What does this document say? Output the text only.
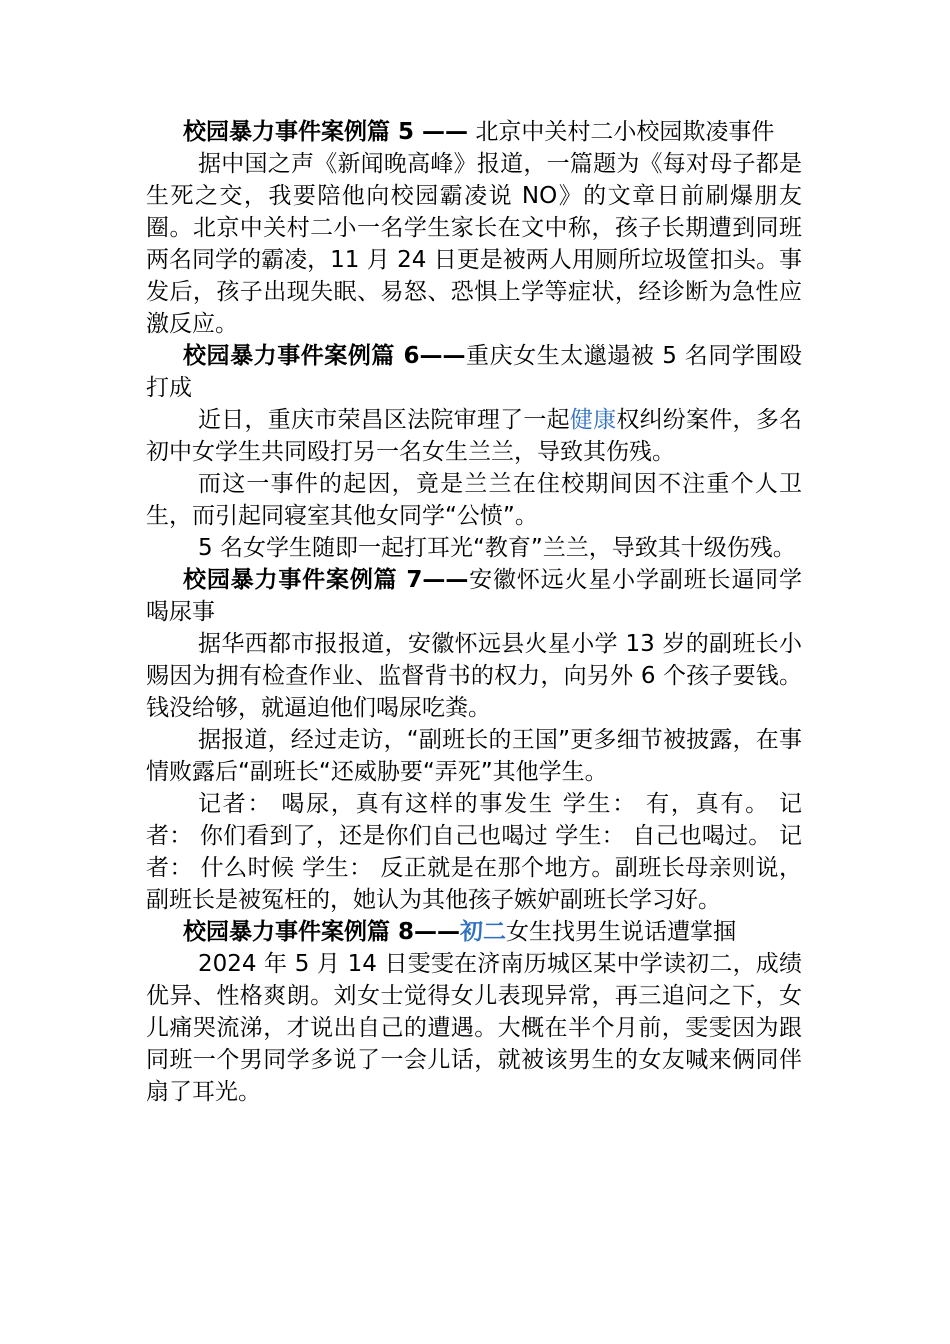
校园暴力事件案例篇 5 —— 北京中关村二小校园欺凌事件

据中国之声《新闻晚高峰》报道，一篇题为《每对母子都是生死之交，我要陪他向校园霸凌说 NO》的文章日前刷爆朋友圈。北京中关村二小一名学生家长在文中称，孩子长期遭到同班两名同学的霸凌，11 月 24 日更是被两人用厕所垃圾筐扣头。事发后，孩子出现失眠、易怒、恐惧上学等症状，经诊断为急性应激反应。

校园暴力事件案例篇 6——重庆女生太邋遢被 5 名同学围殴打成

近日，重庆市荣昌区法院审理了一起健康权纠纷案件，多名初中女学生共同殴打另一名女生兰兰，导致其伤残。

而这一事件的起因，竟是兰兰在住校期间因不注重个人卫生，而引起同寝室其他女同学“公愤”。

5 名女学生随即一起打耳光“教育”兰兰，导致其十级伤残。

校园暴力事件案例篇 7——安徽怀远火星小学副班长逼同学喝尿事

据华西都市报报道，安徽怀远县火星小学 13 岁的副班长小赐因为拥有检查作业、监督背书的权力，向另外 6 个孩子要钱。钱没给够，就逼迫他们喝尿吃粪。

据报道，经过走访，“副班长的王国”更多细节被披露，在事情败露后“副班长“还威胁要“弄死”其他学生。

记者： 喝尿，真有这样的事发生 学生： 有，真有。 记者： 你们看到了，还是你们自己也喝过 学生： 自己也喝过。 记者： 什么时候 学生： 反正就是在那个地方。副班长母亲则说，副班长是被冤枉的，她认为其他孩子嫉妒副班长学习好。

校园暴力事件案例篇 8——初二女生找男生说话遭掌掴

2024 年 5 月 14 日雯雯在济南历城区某中学读初二，成绩优异、性格爽朗。刘女士觉得女儿表现异常，再三追问之下，女儿痛哭流涕，才说出自己的遭遇。大概在半个月前，雯雯因为跟同班一个男同学多说了一会儿话，就被该男生的女友喊来俩同伴扇了耳光。
